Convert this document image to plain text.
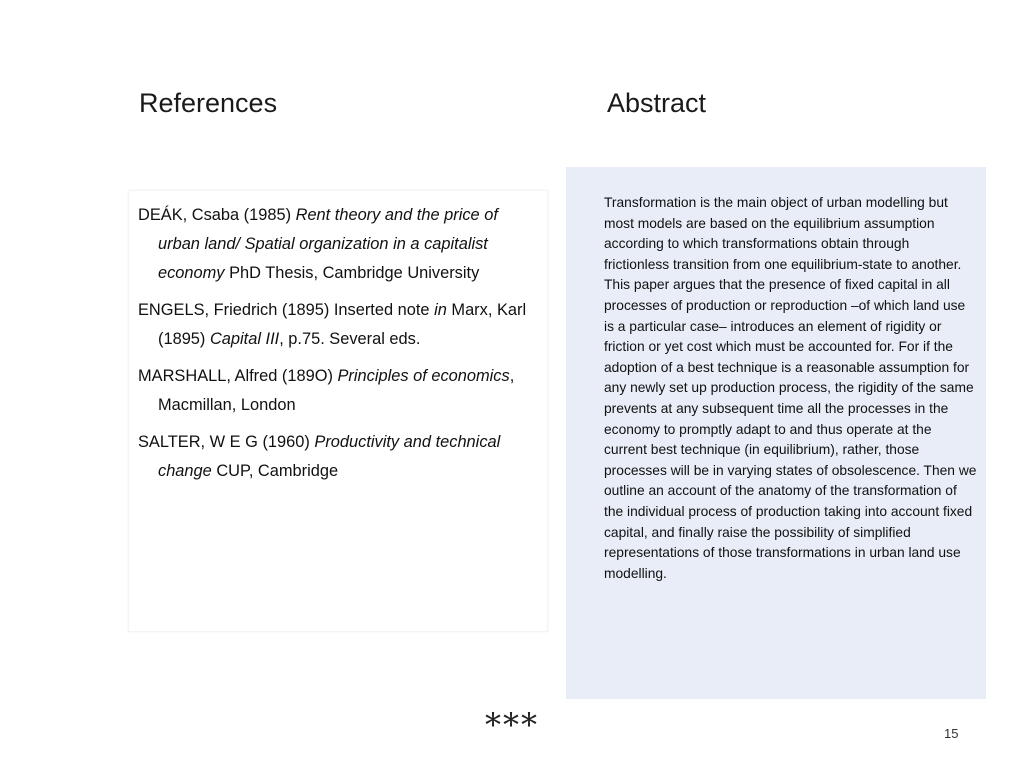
References	Abstract
DEÁK, Csaba (1985) Rent theory and the price of urban land/ Spatial organization in a capitalist economy PhD Thesis, Cambridge University
ENGELS, Friedrich (1895) Inserted note in Marx, Karl (1895) Capital III, p.75. Several eds.
MARSHALL, Alfred (189O) Principles of economics, Macmillan, London
SALTER, W E G (1960) Productivity and technical change CUP, Cambridge
Transformation is the main object of urban modelling but most models are based on the equilibrium assumption according to which transformations obtain through frictionless transition from one equilibrium-state to another. This paper argues that the presence of fixed capital in all processes of production or reproduction –of which land use is a particular case– introduces an element of rigidity or friction or yet cost which must be accounted for. For if the adoption of a best technique is a reasonable assumption for any newly set up production process, the rigidity of the same prevents at any subsequent time all the processes in the economy to promptly adapt to and thus operate at the current best technique (in equilibrium), rather, those processes will be in varying states of obsolescence. Then we outline an account of the anatomy of the transformation of the individual process of production taking into account fixed capital, and finally raise the possibility of simplified representations of those transformations in urban land use modelling.
***	15
